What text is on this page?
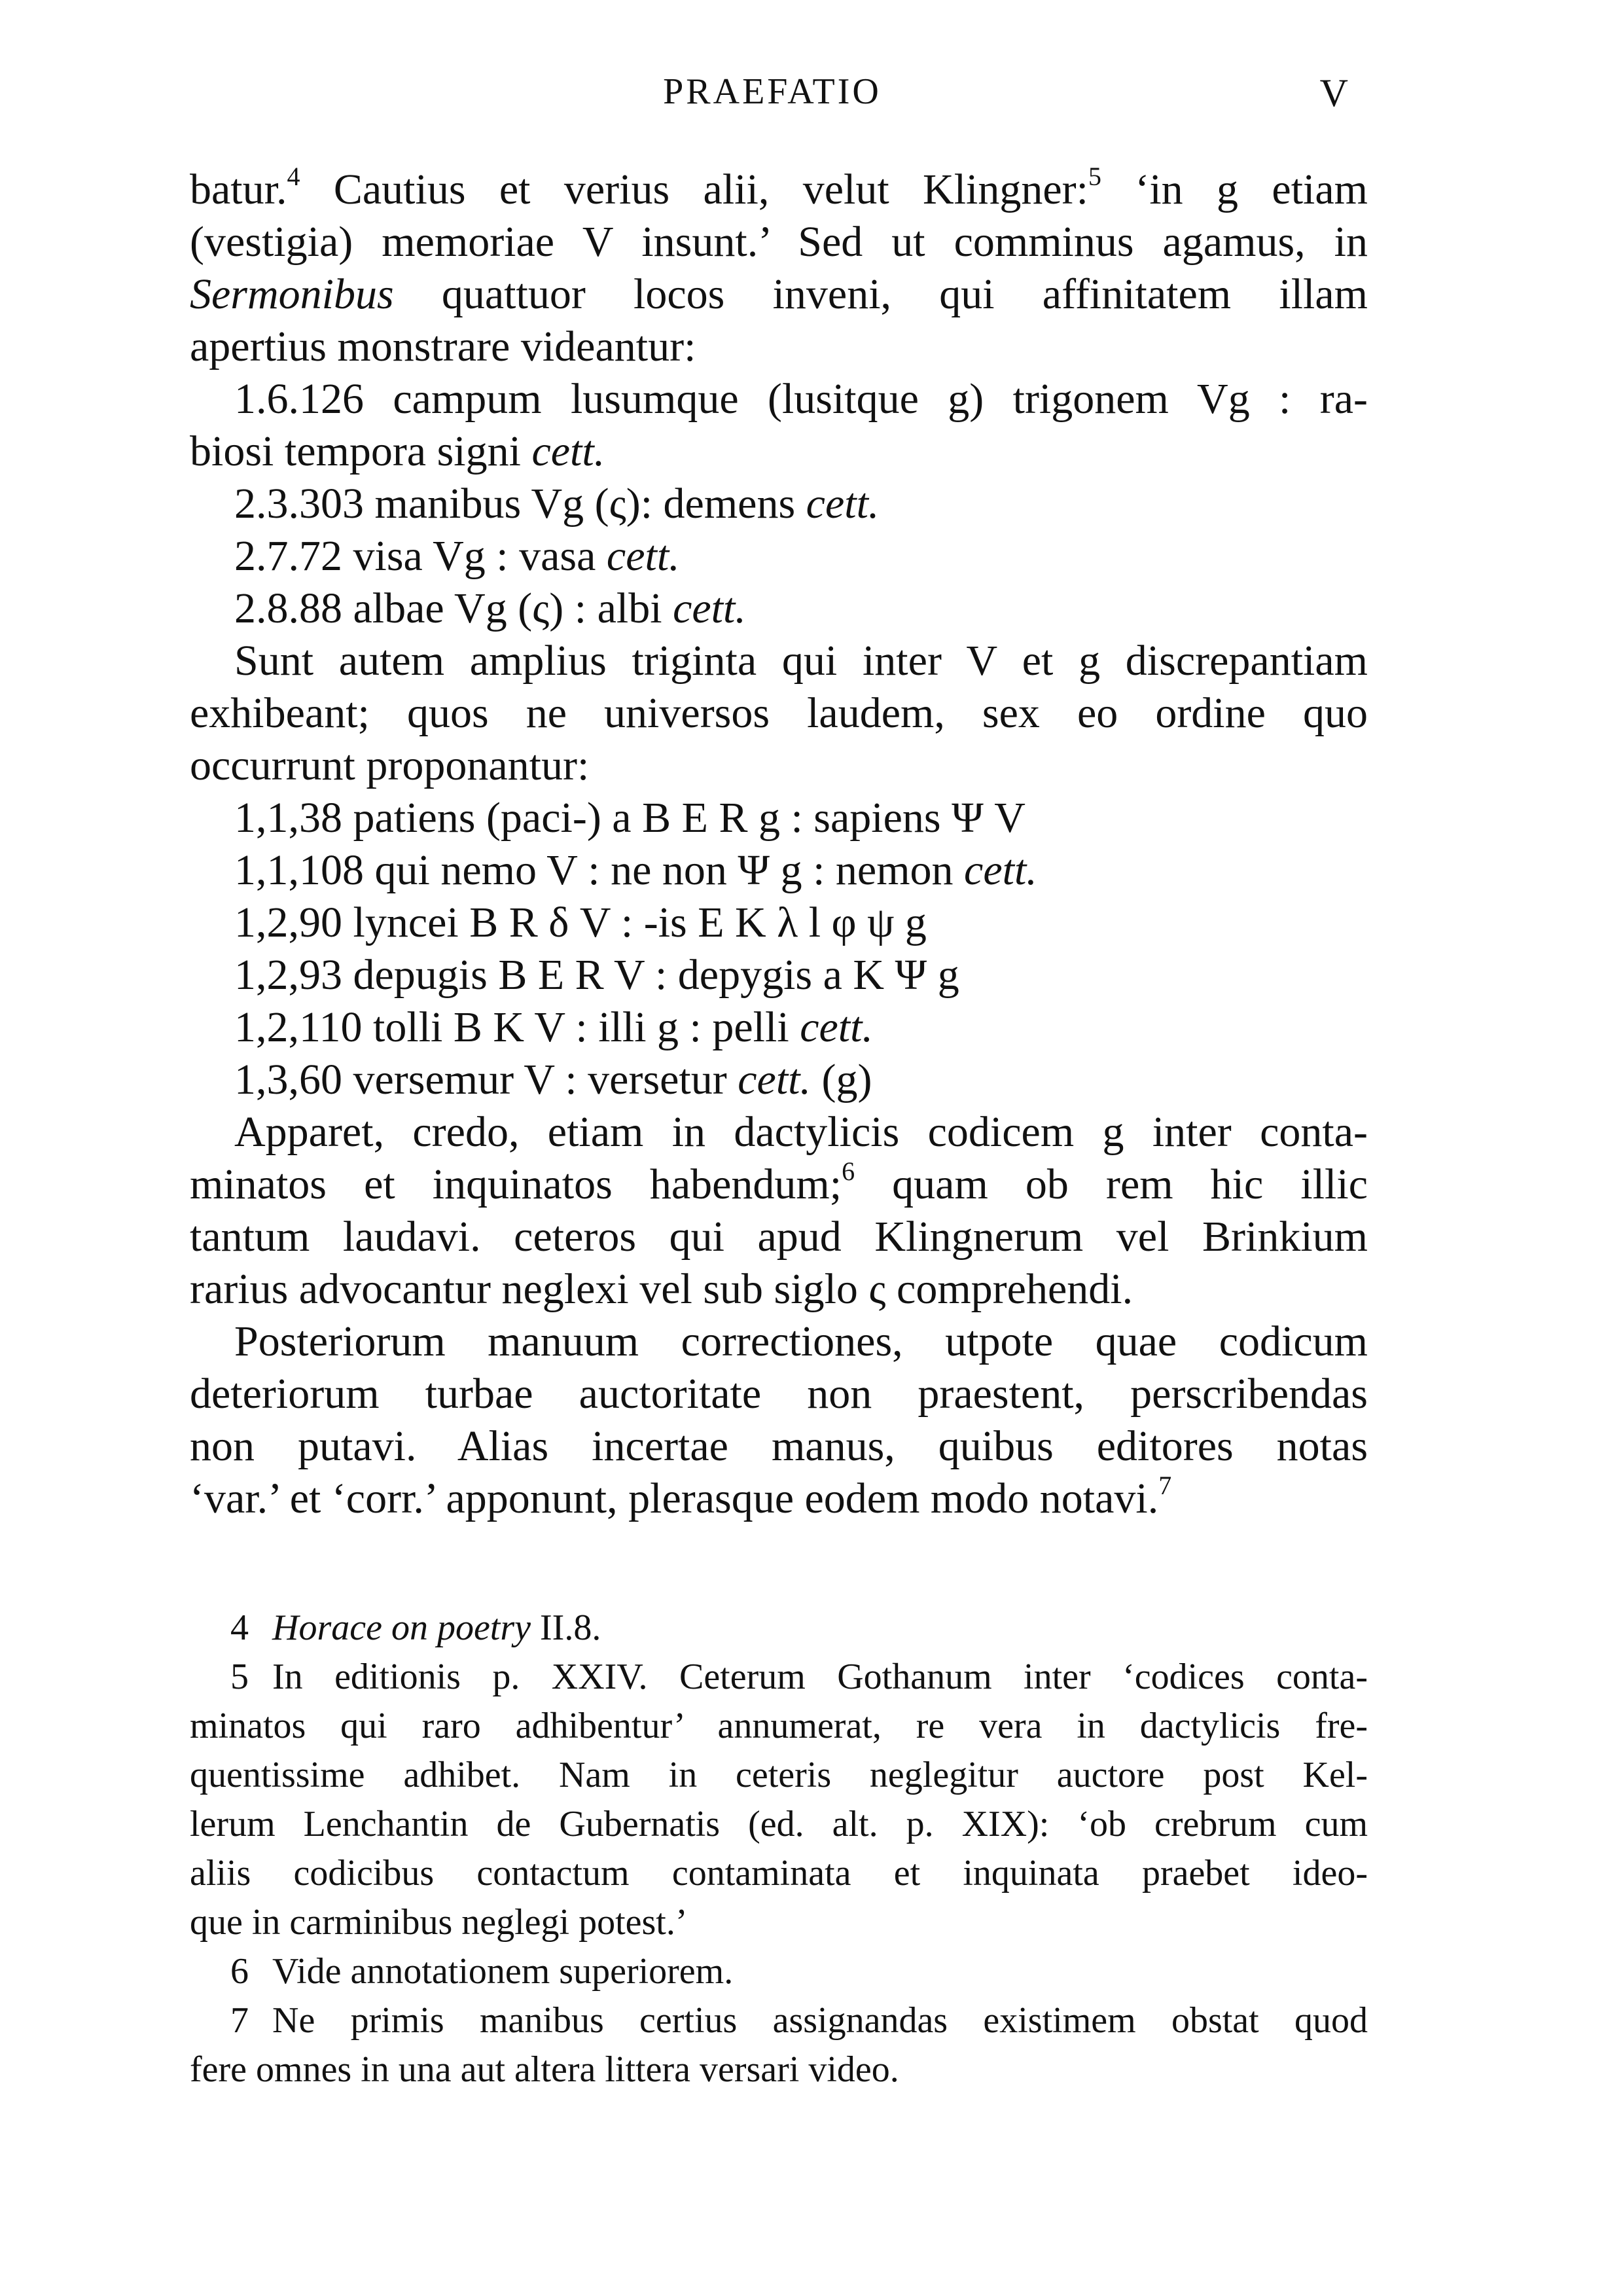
PRAEFATIO	V
batur.$^4$ Cautius et verius alii, velut Klingner:$^5$ ‘in g etiam
(vestigia) memoriae V insunt.’ Sed ut comminus agamus, in
Sermonibus quattuor locos inveni, qui affinitatem illam
apertius monstrare videantur:
1.6.126 campum lusumque (lusitque g) trigonem Vg : ra-
biosi tempora signi cett.
2.3.303 manibus Vg (ς): demens cett.
2.7.72 visa Vg : vasa cett.
2.8.88 albae Vg (ς) : albi cett.
Sunt autem amplius triginta qui inter V et g discrepantiam
exhibeant; quos ne universos laudem, sex eo ordine quo
occurrunt proponantur:
1,1,38 patiens (paci-) a B E R g : sapiens Ψ V
1,1,108 qui nemo V : ne non Ψ g : nemon cett.
1,2,90 lyncei B R δ V : -is E K λ l φ ψ g
1,2,93 depugis B E R V : depygis a K Ψ g
1,2,110 tolli B K V : illi g : pelli cett.
1,3,60 versemur V : versetur cett. (g)
Apparet, credo, etiam in dactylicis codicem g inter conta-
minatos et inquinatos habendum;$^6$ quam ob rem hic illic
tantum laudavi. ceteros qui apud Klingnerum vel Brinkium
rarius advocantur neglexi vel sub siglo ς comprehendi.
Posteriorum manuum correctiones, utpote quae codicum
deteriorum turbae auctoritate non praestent, perscribendas
non putavi. Alias incertae manus, quibus editores notas
‘var.’ et ‘corr.’ apponunt, plerasque eodem modo notavi.$^7$
4 Horace on poetry II.8.
5 In editionis p. XXIV. Ceterum Gothanum inter ‘codices conta-
minatos qui raro adhibentur’ annumerat, re vera in dactylicis fre-
quentissime adhibet. Nam in ceteris neglegitur auctore post Kel-
lerum Lenchantin de Gubernatis (ed. alt. p. XIX): ‘ob crebrum cum
aliis codicibus contactum contaminata et inquinata praebet ideo-
que in carminibus neglegi potest.’
6 Vide annotationem superiorem.
7 Ne primis manibus certius assignandas existimem obstat quod
fere omnes in una aut altera littera versari video.
